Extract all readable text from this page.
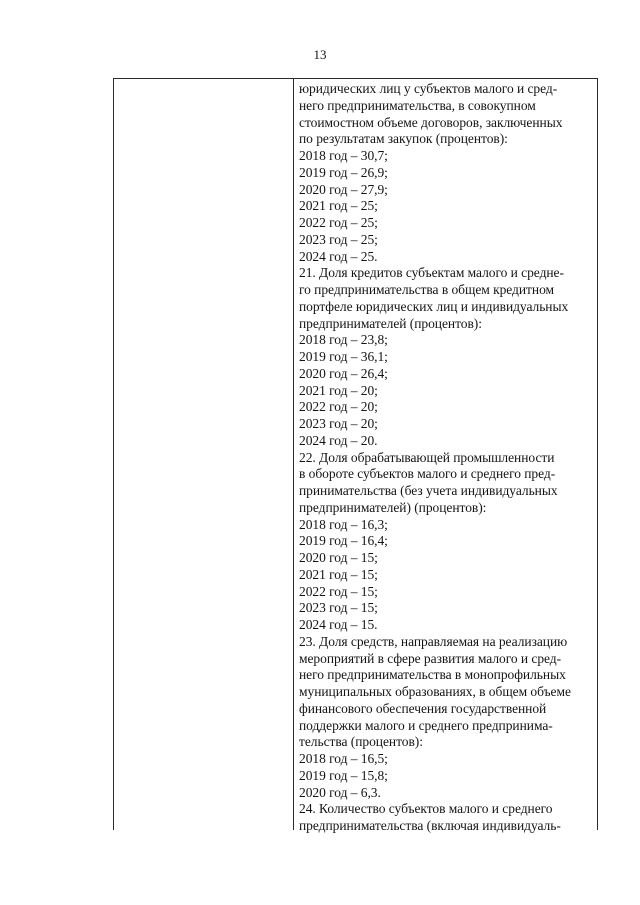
13
юридических лиц у субъектов малого и сред-
него предпринимательства, в совокупном
стоимостном объеме договоров, заключенных
по результатам закупок (процентов):
2018 год – 30,7;
2019 год – 26,9;
2020 год – 27,9;
2021 год – 25;
2022 год – 25;
2023 год – 25;
2024 год – 25.
21. Доля кредитов субъектам малого и средне-
го предпринимательства в общем кредитном
портфеле юридических лиц и индивидуальных
предпринимателей (процентов):
2018 год – 23,8;
2019 год – 36,1;
2020 год – 26,4;
2021 год – 20;
2022 год – 20;
2023 год – 20;
2024 год – 20.
22. Доля обрабатывающей промышленности
в обороте субъектов малого и среднего пред-
принимательства (без учета индивидуальных
предпринимателей) (процентов):
2018 год – 16,3;
2019 год – 16,4;
2020 год – 15;
2021 год – 15;
2022 год – 15;
2023 год – 15;
2024 год – 15.
23. Доля средств, направляемая на реализацию
мероприятий в сфере развития малого и сред-
него предпринимательства в монопрофильных
муниципальных образованиях, в общем объеме
финансового обеспечения государственной
поддержки малого и среднего предпринима-
тельства (процентов):
2018 год – 16,5;
2019 год – 15,8;
2020 год – 6,3.
24. Количество субъектов малого и среднего
предпринимательства (включая индивидуаль-
